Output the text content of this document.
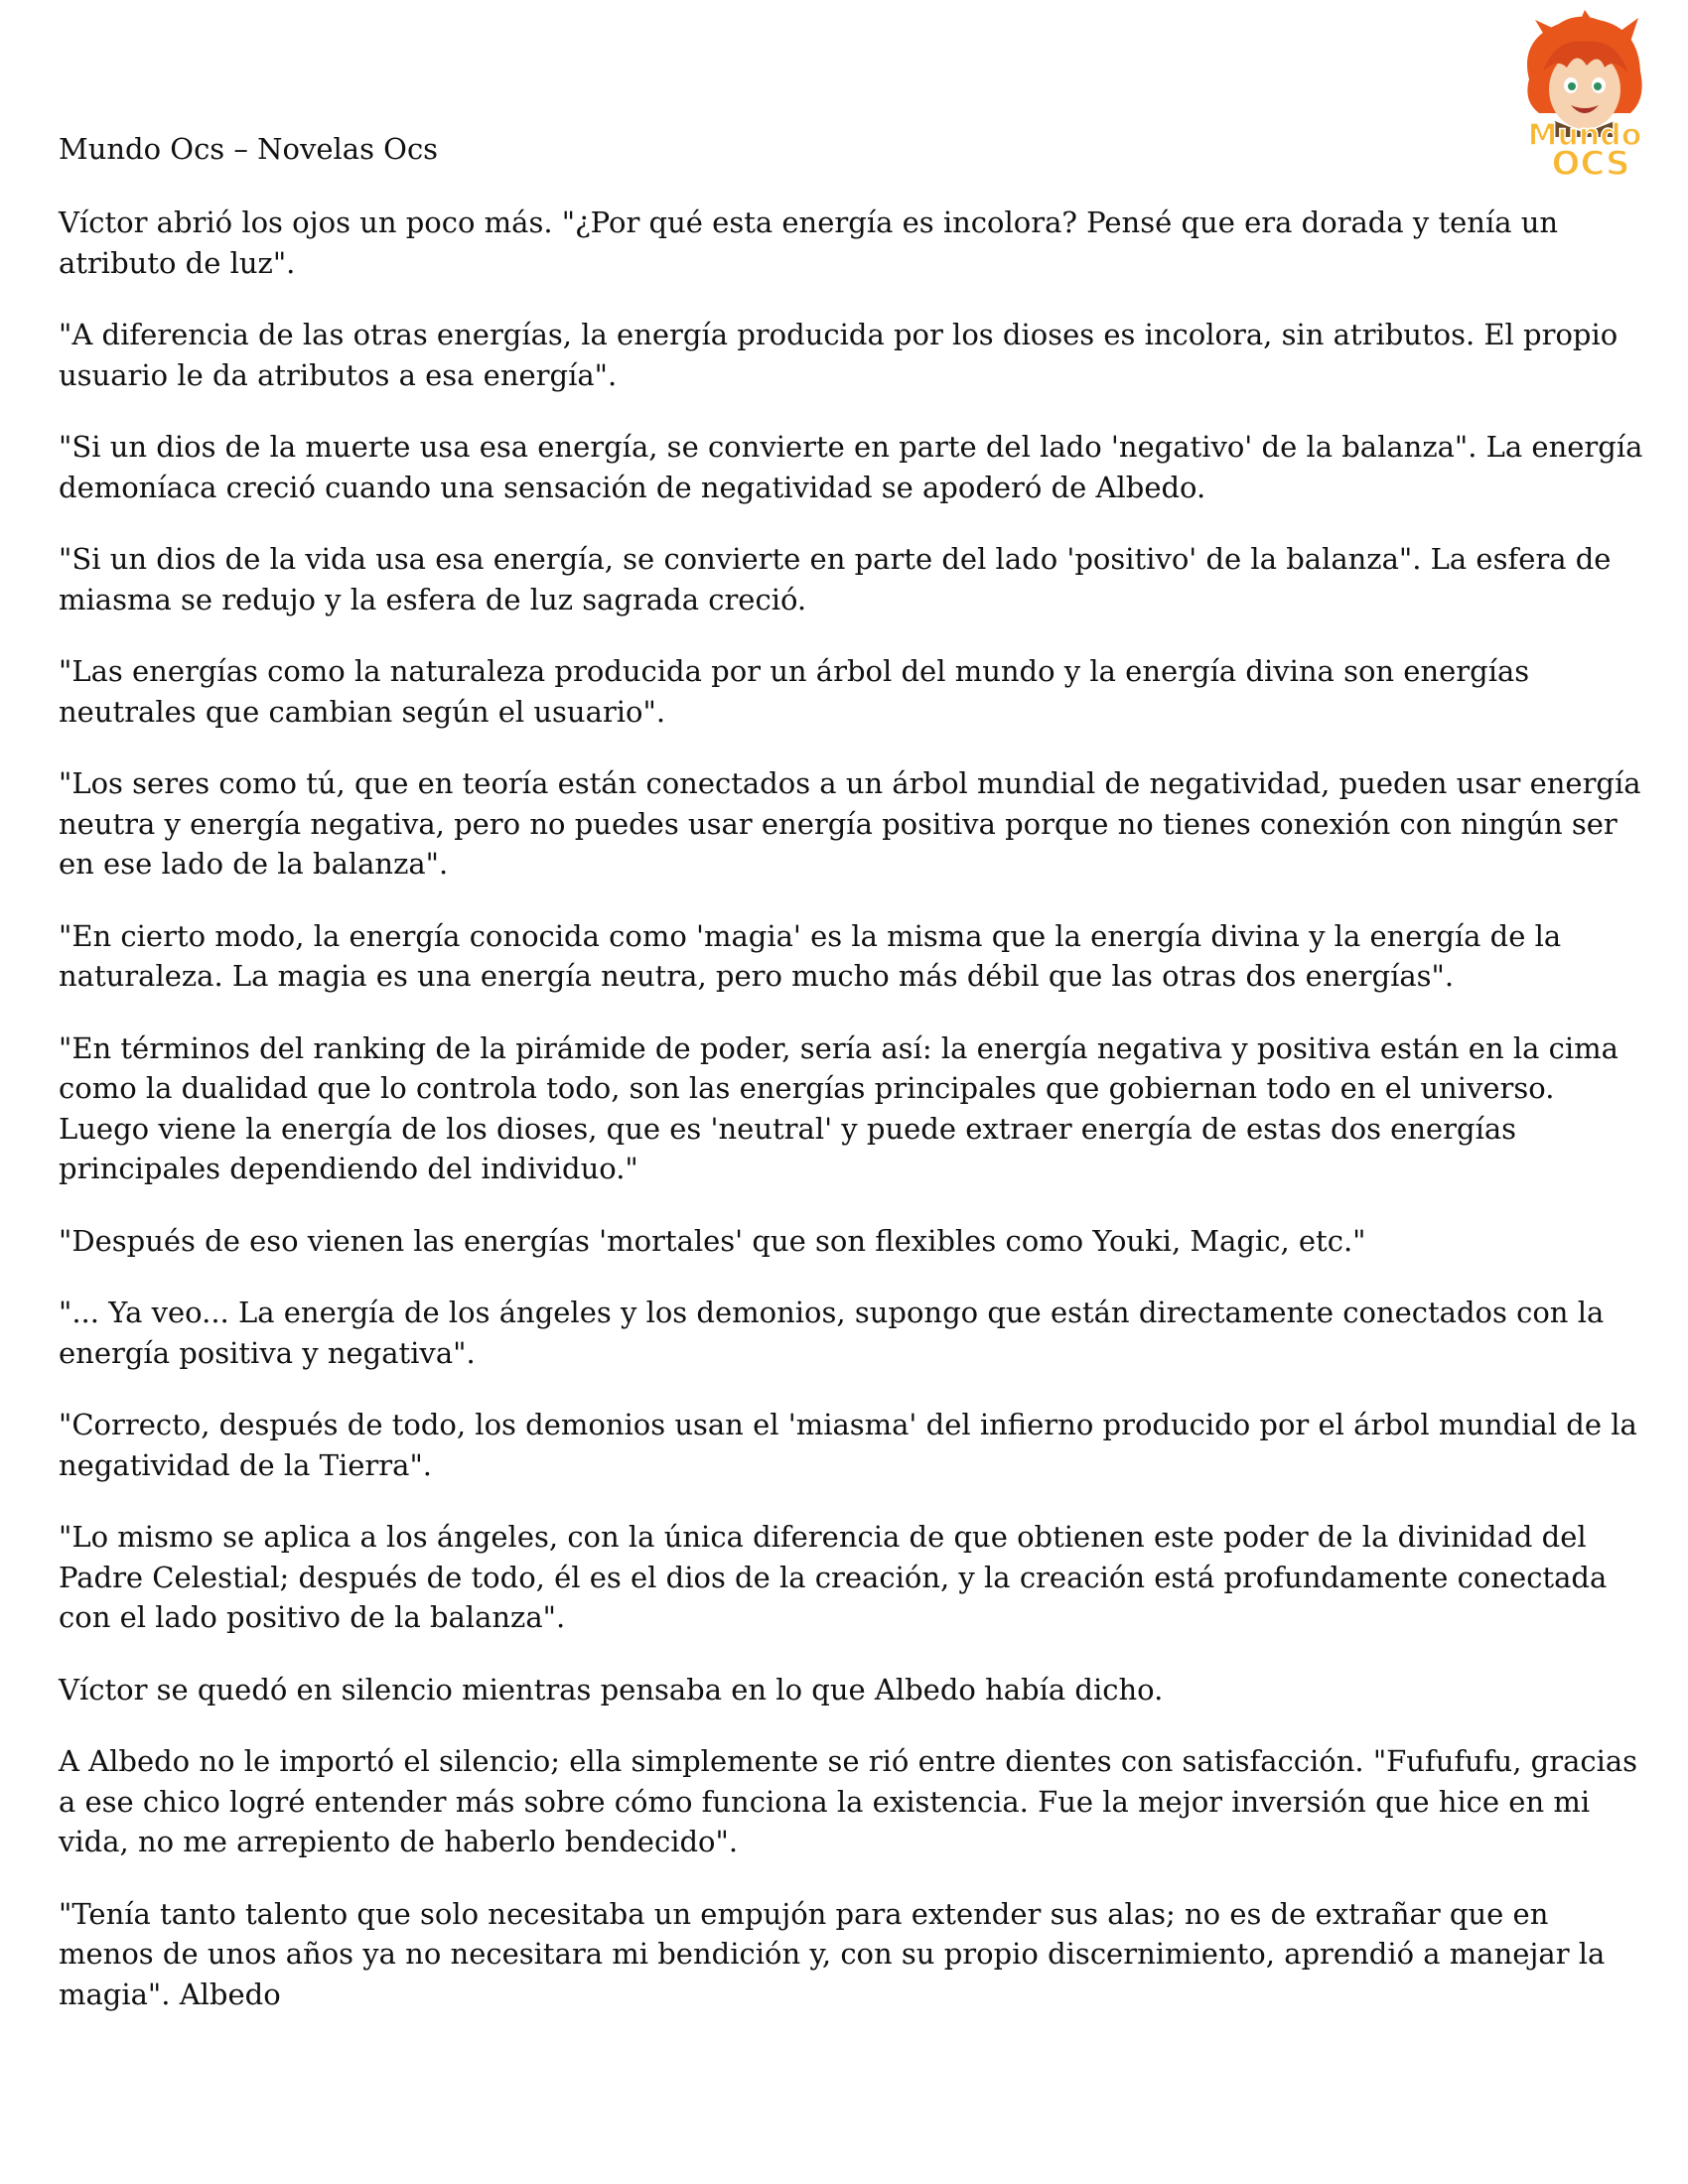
Mundo Ocs – Novelas Ocs	Mundo
OCS

Víctor abrió los ojos un poco más. "¿Por qué esta energía es incolora? Pensé que era dorada y tenía un atributo de luz".

"A diferencia de las otras energías, la energía producida por los dioses es incolora, sin atributos. El propio usuario le da atributos a esa energía".

"Si un dios de la muerte usa esa energía, se convierte en parte del lado 'negativo' de la balanza". La energía demoníaca creció cuando una sensación de negatividad se apoderó de Albedo.

"Si un dios de la vida usa esa energía, se convierte en parte del lado 'positivo' de la balanza". La esfera de miasma se redujo y la esfera de luz sagrada creció.

"Las energías como la naturaleza producida por un árbol del mundo y la energía divina son energías neutrales que cambian según el usuario".

"Los seres como tú, que en teoría están conectados a un árbol mundial de negatividad, pueden usar energía neutra y energía negativa, pero no puedes usar energía positiva porque no tienes conexión con ningún ser en ese lado de la balanza".

"En cierto modo, la energía conocida como 'magia' es la misma que la energía divina y la energía de la naturaleza. La magia es una energía neutra, pero mucho más débil que las otras dos energías".

"En términos del ranking de la pirámide de poder, sería así: la energía negativa y positiva están en la cima como la dualidad que lo controla todo, son las energías principales que gobiernan todo en el universo. Luego viene la energía de los dioses, que es 'neutral' y puede extraer energía de estas dos energías principales dependiendo del individuo."

"Después de eso vienen las energías 'mortales' que son flexibles como Youki, Magic, etc."

"... Ya veo... La energía de los ángeles y los demonios, supongo que están directamente conectados con la energía positiva y negativa".

"Correcto, después de todo, los demonios usan el 'miasma' del infierno producido por el árbol mundial de la negatividad de la Tierra".

"Lo mismo se aplica a los ángeles, con la única diferencia de que obtienen este poder de la divinidad del Padre Celestial; después de todo, él es el dios de la creación, y la creación está profundamente conectada con el lado positivo de la balanza".

Víctor se quedó en silencio mientras pensaba en lo que Albedo había dicho.

A Albedo no le importó el silencio; ella simplemente se rió entre dientes con satisfacción. "Fufufufu, gracias a ese chico logré entender más sobre cómo funciona la existencia. Fue la mejor inversión que hice en mi vida, no me arrepiento de haberlo bendecido".

"Tenía tanto talento que solo necesitaba un empujón para extender sus alas; no es de extrañar que en menos de unos años ya no necesitara mi bendición y, con su propio discernimiento, aprendió a manejar la magia". Albedo
